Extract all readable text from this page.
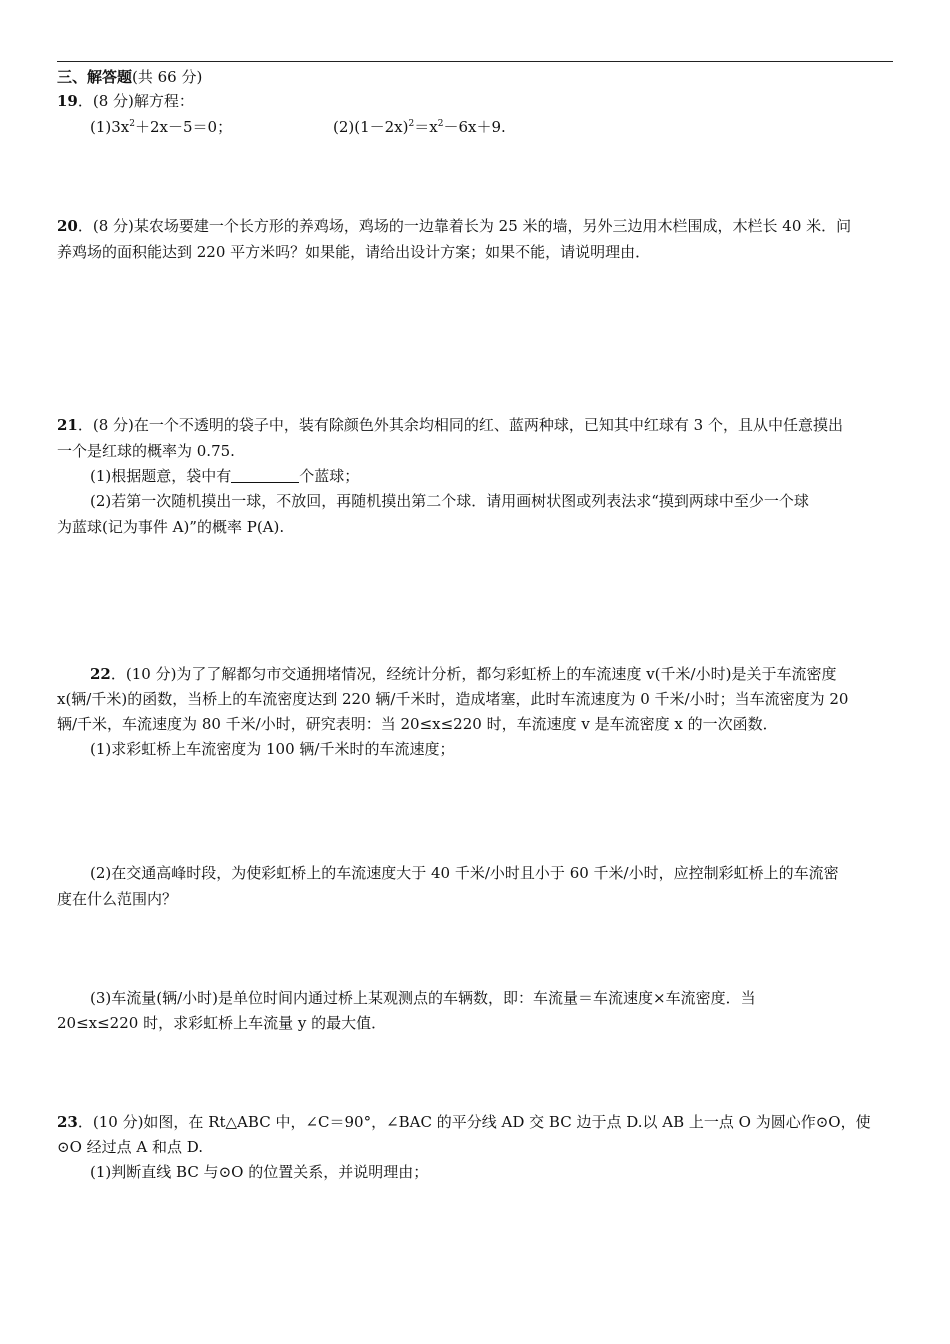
三、解答题(共 66 分)
19．(8 分)解方程：
$(1)3x^2+2x-5=0$；	$(2)(1-2x)^2=x^2-6x+9$.
20．(8 分)某农场要建一个长方形的养鸡场，鸡场的一边靠着长为 25 米的墙，另外三边用木栏围成，木栏长 40 米．问
养鸡场的面积能达到 220 平方米吗？如果能，请给出设计方案；如果不能，请说明理由．
21．(8 分)在一个不透明的袋子中，装有除颜色外其余均相同的红、蓝两种球，已知其中红球有 3 个，且从中任意摸出
一个是红球的概率为 0.75.
(1)根据题意，袋中有	个蓝球；
(2)若第一次随机摸出一球，不放回，再随机摸出第二个球．请用画树状图或列表法求“摸到两球中至少一个球
为蓝球(记为事件 A)”的概率 P(A).
22．(10 分)为了了解都匀市交通拥堵情况，经统计分析，都匀彩虹桥上的车流速度 v(千米/小时)是关于车流密度
x(辆/千米)的函数，当桥上的车流密度达到 220 辆/千米时，造成堵塞，此时车流速度为 0 千米/小时；当车流密度为 20
辆/千米，车流速度为 80 千米/小时，研究表明：当 20≤x≤220 时，车流速度 v 是车流密度 x 的一次函数．
(1)求彩虹桥上车流密度为 100 辆/千米时的车流速度；
(2)在交通高峰时段，为使彩虹桥上的车流速度大于 40 千米/小时且小于 60 千米/小时，应控制彩虹桥上的车流密
度在什么范围内？
(3)车流量(辆/小时)是单位时间内通过桥上某观测点的车辆数，即：车流量＝车流速度×车流密度．当
20≤x≤220 时，求彩虹桥上车流量 y 的最大值．
23．(10 分)如图，在 Rt△ABC 中，∠C＝90°，∠BAC 的平分线 AD 交 BC 边于点 D.以 AB 上一点 O 为圆心作⊙O，使
⊙O 经过点 A 和点 D.
(1)判断直线 BC 与⊙O 的位置关系，并说明理由；
